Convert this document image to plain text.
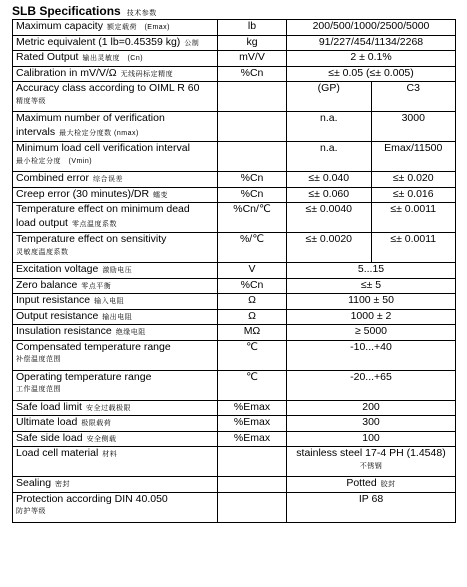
SLB Specifications 技术参数
Maximum capacity 额定载荷　(Emax)	lb	200/500/1000/2500/5000	
Metric equivalent (1 lb=0.45359 kg) 公制	kg	91/227/454/1134/2268	
Rated Output 输出灵敏度　(Cn)	mV/V	2 ± 0.1%	
Calibration in mV/V/Ω 无线码标定精度	%Cn	≤± 0.05 (≤± 0.005)	

Accuracy class according to OIML R 60
精度等级		(GP)	C3

Maximum number of verification
intervals 最大检定分度数 (nmax)		n.a.	3000

Minimum load cell verification interval
最小检定分度　(Vmin)		n.a.	Emax/11500
Combined error 综合误差	%Cn	≤± 0.040	≤± 0.020
Creep error (30 minutes)/DR 蠕变	%Cn	≤± 0.060	≤± 0.016

Temperature effect on minimum dead
load output 零点温度系数	%Cn/℃	≤± 0.0040	≤± 0.0011

Temperature effect on sensitivity
灵敏度温度系数	%/℃	≤± 0.0020	≤± 0.0011
Excitation voltage 激励电压	V	5...15	
Zero balance 零点平衡	%Cn	≤± 5	
Input resistance 输入电阻	Ω	1100 ± 50	
Output resistance 输出电阻	Ω	1000 ± 2	
Insulation resistance 绝缘电阻	MΩ	≥ 5000	

Compensated temperature range
补偿温度范围	℃	-10...+40	

Operating temperature range
工作温度范围	℃	-20...+65	
Safe load limit 安全过载极限	%Emax	200	
Ultimate load 极限载荷	%Emax	300	
Safe side load 安全侧载	%Emax	100	
Load cell material 材料		stainless steel 17-4 PH (1.4548)
不锈钢	

Sealing 密封		Potted 胶封	

Protection according DIN 40.050
防护等级		IP 68	
